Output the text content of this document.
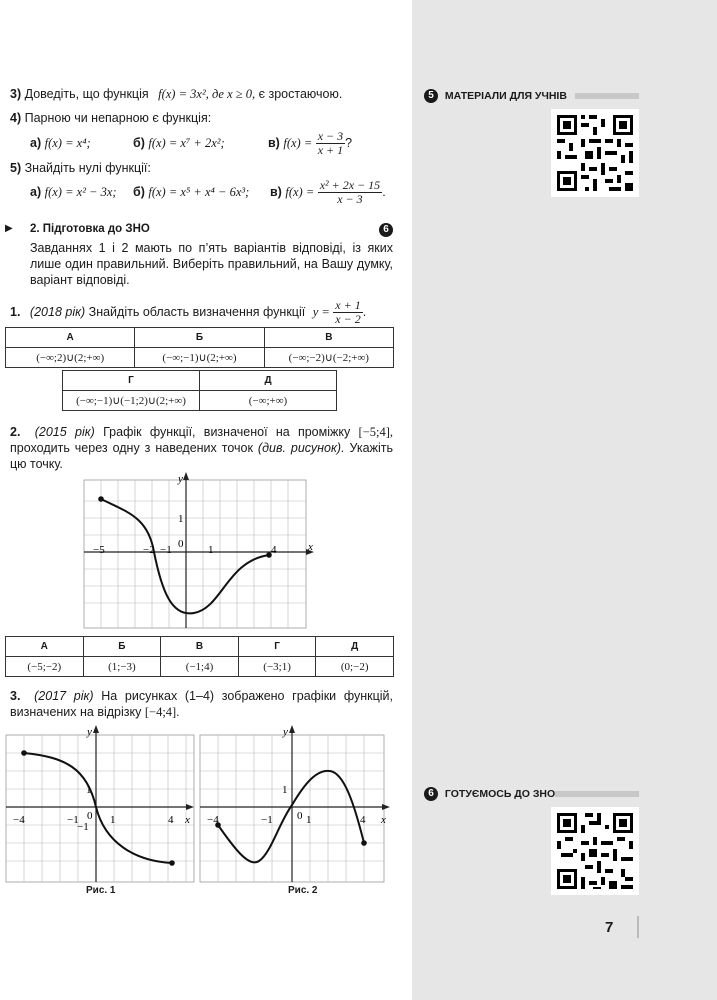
5 МАТЕРІАЛИ ДЛЯ УЧНІВ
6 ГОТУЄМОСЬ ДО ЗНО
7
3) Доведіть, що функція f(x) = 3x², де x ≥ 0, є зростаючою.
4) Парною чи непарною є функція:
а) f(x) = x⁴;	б) f(x) = x⁷ + 2x²;	в) $f(x) = \frac{x - 3}{x + 1}$ ?
5) Знайдіть нулі функції:
а) f(x) = x² − 3x; б) f(x) = x⁵ + x⁴ − 6x³; в) $f(x) = \frac{\text{x² + 2x − 15}}{x - 3}$ .
▶ 2. Підготовка до ЗНО	6
Завданнях 1 і 2 мають по п’ять варіантів відповіді, із яких лише один правильний. Виберіть правильний, на Вашу думку, варіант відповіді.
1. (2018 рік) Знайдіть область визначення функції $y = \frac{x + 1}{x - 2}$ .
А	Б	В
(−∞;2)∪(2;+∞)	(−∞;−1)∪(2;+∞)	(−∞;−2)∪(−2;+∞)
Г	Д
(−∞;−1)∪(−1;2)∪(2;+∞)	(−∞;+∞)
2. (2015 рік) Графік функції, визначеної на проміжку [−5;4], проходить через одну з наведених точок (див. рисунок). Укажіть цю точку.
x
y
−5	−2 −1 0 1	4
1
А	Б	В	Г	Д
(−5;−2)	(1;−3)	(−1;4)	(−3;1)	(0;−2)
3. (2017 рік) На рисунках (1–4) зображено графіки функцій, визначених на відрізку [−4;4].
x
y
−4	−1 0 1	4
1
−1
Рис. 1
x
y
−4	−1 0 1	4
1
Рис. 2
